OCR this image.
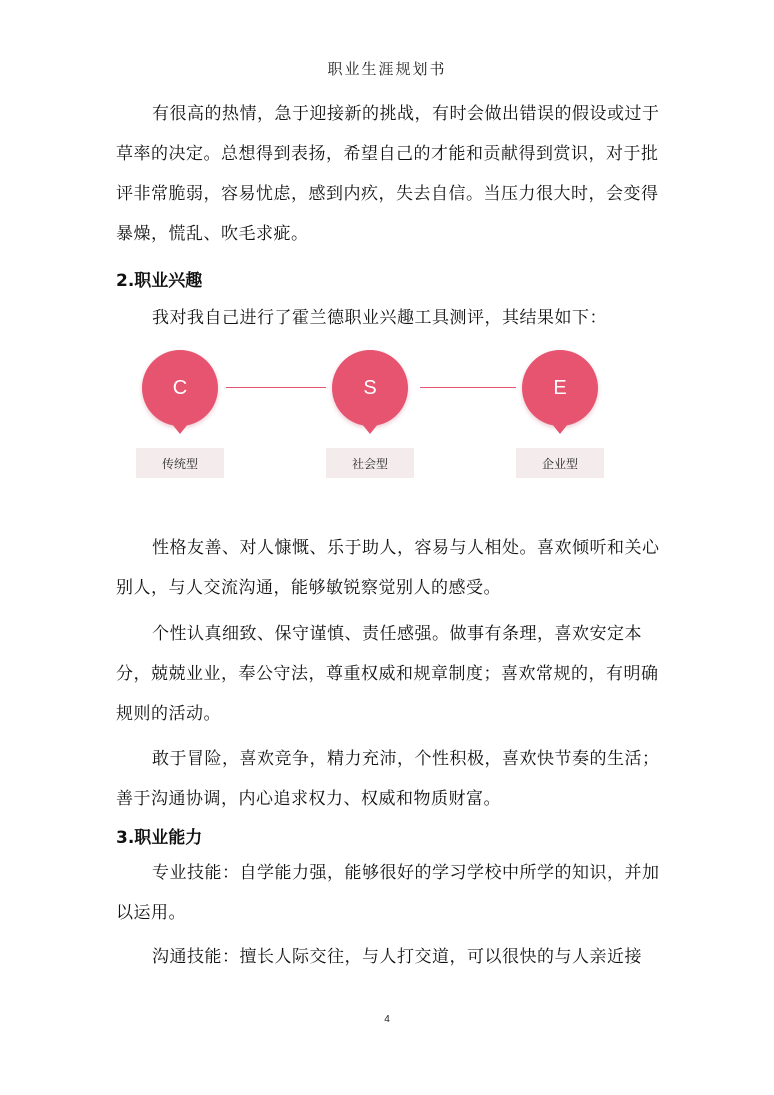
职业生涯规划书

有很高的热情，急于迎接新的挑战，有时会做出错误的假设或过于草率的决定。总想得到表扬，希望自己的才能和贡献得到赏识，对于批评非常脆弱，容易忧虑，感到内疚，失去自信。当压力很大时，会变得暴燥，慌乱、吹毛求疵。

2.职业兴趣

我对我自己进行了霍兰德职业兴趣工具测评，其结果如下：

C
传统型
S
社会型
E
企业型

性格友善、对人慷慨、乐于助人，容易与人相处。喜欢倾听和关心别人，与人交流沟通，能够敏锐察觉别人的感受。

个性认真细致、保守谨慎、责任感强。做事有条理，喜欢安定本分，兢兢业业，奉公守法，尊重权威和规章制度；喜欢常规的，有明确规则的活动。

敢于冒险，喜欢竞争，精力充沛，个性积极，喜欢快节奏的生活；善于沟通协调，内心追求权力、权威和物质财富。

3.职业能力

专业技能：自学能力强，能够很好的学习学校中所学的知识，并加以运用。

沟通技能：擅长人际交往，与人打交道，可以很快的与人亲近接

4
